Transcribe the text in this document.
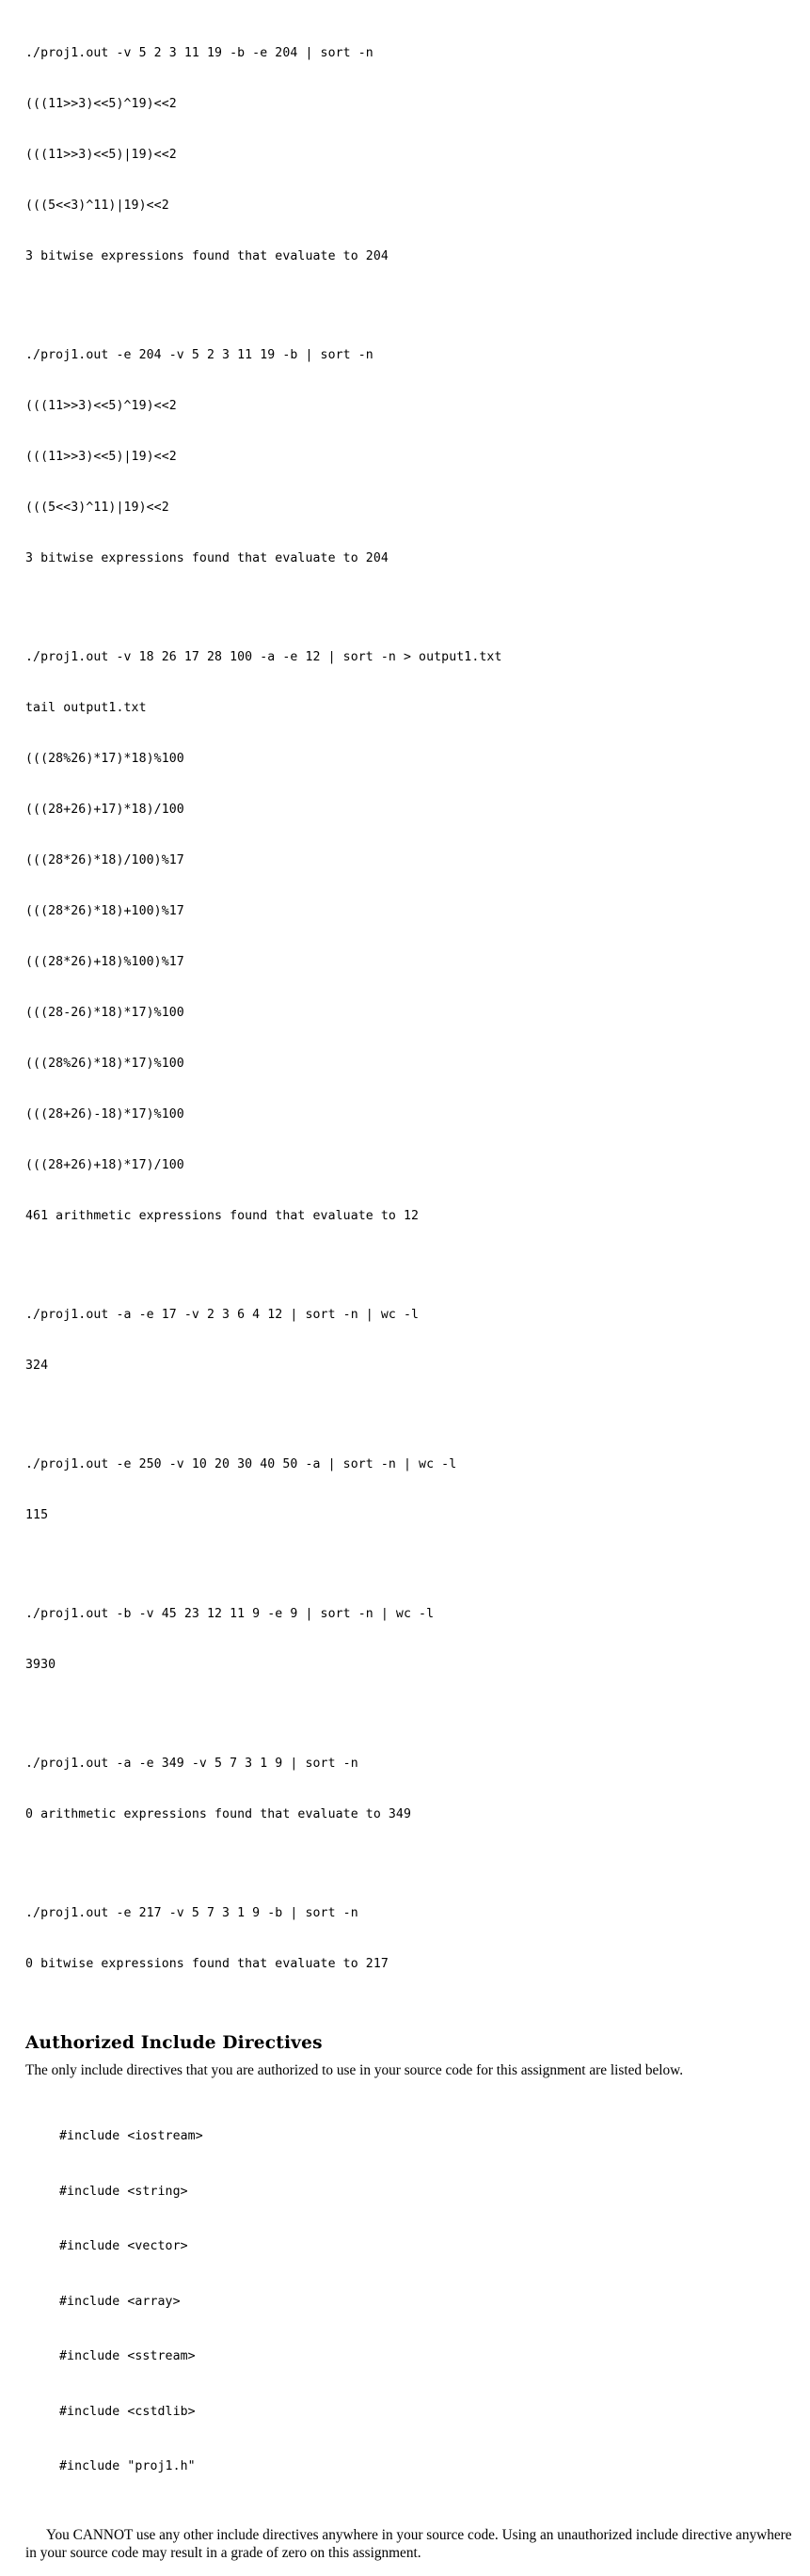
./proj1.out -v 5 2 3 11 19 -b -e 204 | sort -n

(((11>>3)<<5)^19)<<2

(((11>>3)<<5)|19)<<2

(((5<<3)^11)|19)<<2

3 bitwise expressions found that evaluate to 204

./proj1.out -e 204 -v 5 2 3 11 19 -b | sort -n

(((11>>3)<<5)^19)<<2

(((11>>3)<<5)|19)<<2

(((5<<3)^11)|19)<<2

3 bitwise expressions found that evaluate to 204

./proj1.out -v 18 26 17 28 100 -a -e 12 | sort -n > output1.txt

tail output1.txt

(((28%26)*17)*18)%100

(((28+26)+17)*18)/100

(((28*26)*18)/100)%17

(((28*26)*18)+100)%17

(((28*26)+18)%100)%17

(((28-26)*18)*17)%100

(((28%26)*18)*17)%100

(((28+26)-18)*17)%100

(((28+26)+18)*17)/100

461 arithmetic expressions found that evaluate to 12

./proj1.out -a -e 17 -v 2 3 6 4 12 | sort -n | wc -l

324

./proj1.out -e 250 -v 10 20 30 40 50 -a | sort -n | wc -l

115

./proj1.out -b -v 45 23 12 11 9 -e 9 | sort -n | wc -l

3930

./proj1.out -a -e 349 -v 5 7 3 1 9 | sort -n

0 arithmetic expressions found that evaluate to 349

./proj1.out -e 217 -v 5 7 3 1 9 -b | sort -n

0 bitwise expressions found that evaluate to 217

Authorized Include Directives

The only include directives that you are authorized to use in your source code for this assignment are listed below.

#include <iostream>

#include <string>

#include <vector>

#include <array>

#include <sstream>

#include <cstdlib>

#include "proj1.h"

You CANNOT use any other include directives anywhere in your source code. Using an unauthorized include directive anywhere in your source code may result in a grade of zero on this assignment.
